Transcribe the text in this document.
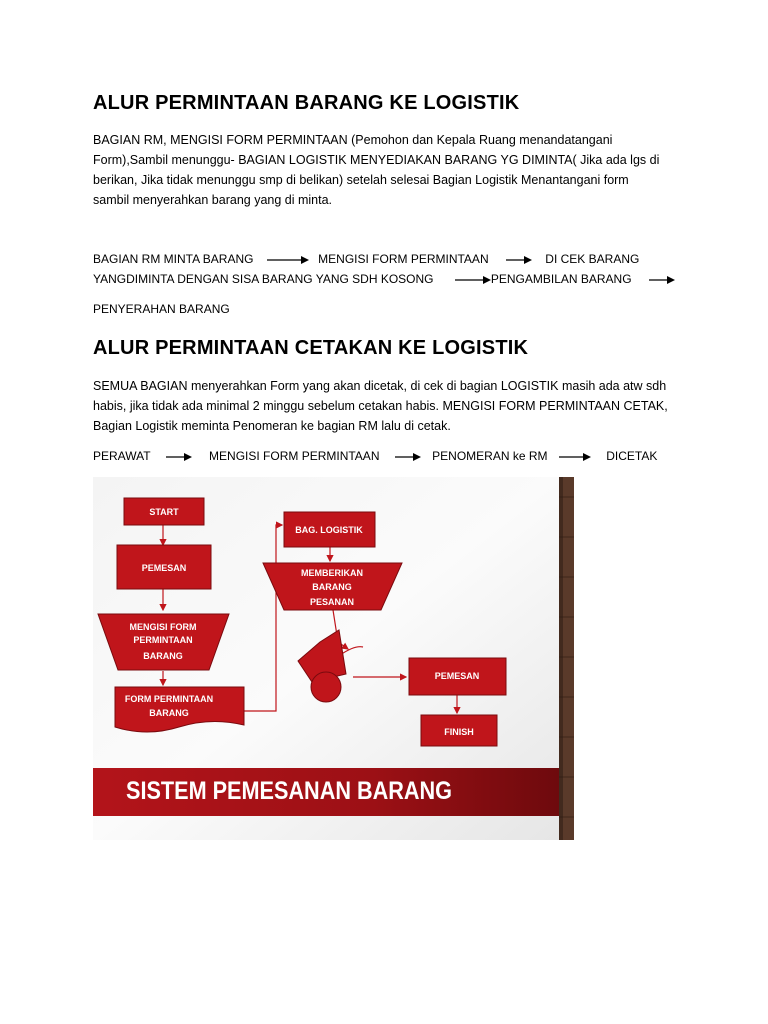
ALUR PERMINTAAN BARANG KE LOGISTIK
BAGIAN RM, MENGISI FORM PERMINTAAN (Pemohon dan Kepala Ruang menandatangani
Form),Sambil menunggu- BAGIAN LOGISTIK MENYEDIAKAN BARANG YG DIMINTA( Jika ada lgs di
berikan, Jika tidak menunggu smp di belikan) setelah selesai Bagian Logistik Menantangani form
sambil menyerahkan barang yang di minta.
BAGIAN RM MINTA BARANG	MENGISI FORM PERMINTAAN	DI CEK BARANG
YANGDIMINTA DENGAN SISA BARANG YANG SDH KOSONG	PENGAMBILAN BARANG
PENYERAHAN BARANG
ALUR PERMINTAAN CETAKAN KE LOGISTIK
SEMUA BAGIAN menyerahkan Form yang akan dicetak, di cek di bagian LOGISTIK masih ada atw sdh
habis, jika tidak ada minimal 2 minggu sebelum cetakan habis. MENGISI FORM PERMINTAAN CETAK,
Bagian Logistik meminta Penomeran ke bagian RM lalu di cetak.
PERAWAT	MENGISI FORM PERMINTAAN	PENOMERAN ke RM	DICETAK
START
PEMESAN
MENGISI FORM
PERMINTAAN
BARANG
FORM PERMINTAAN
BARANG
BAG. LOGISTIK
MEMBERIKAN
BARANG
PESANAN
PEMESAN
FINISH
SISTEM PEMESANAN BARANG
